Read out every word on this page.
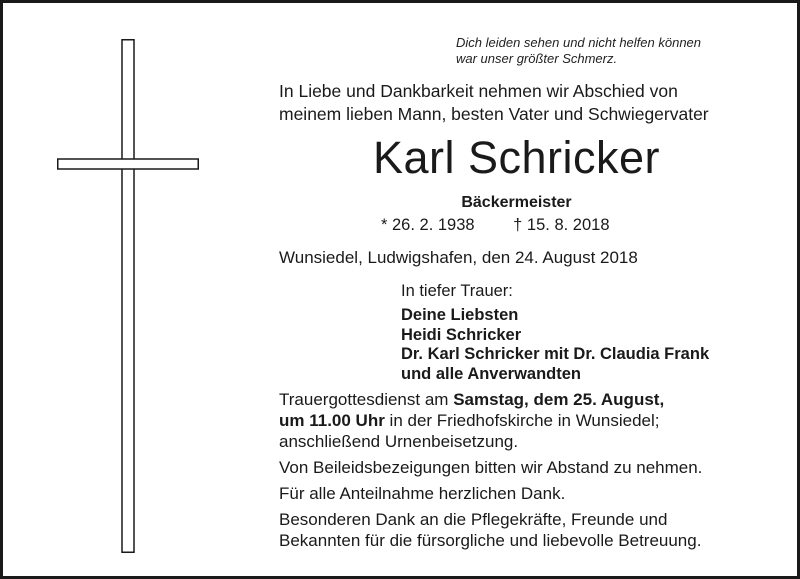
Dich leiden sehen und nicht helfen können
war unser größter Schmerz.
In Liebe und Dankbarkeit nehmen wir Abschied von
meinem lieben Mann, besten Vater und Schwiegervater
Karl Schricker
Bäckermeister
* 26. 2. 1938 † 15. 8. 2018
Wunsiedel, Ludwigshafen, den 24. August 2018
In tiefer Trauer:
Deine Liebsten
Heidi Schricker
Dr. Karl Schricker mit Dr. Claudia Frank
und alle Anverwandten
Trauergottesdienst am Samstag, dem 25. August,
um 11.00 Uhr in der Friedhofskirche in Wunsiedel;
anschließend Urnenbeisetzung.
Von Beileidsbezeigungen bitten wir Abstand zu nehmen.
Für alle Anteilnahme herzlichen Dank.
Besonderen Dank an die Pflegekräfte, Freunde und
Bekannten für die fürsorgliche und liebevolle Betreuung.
